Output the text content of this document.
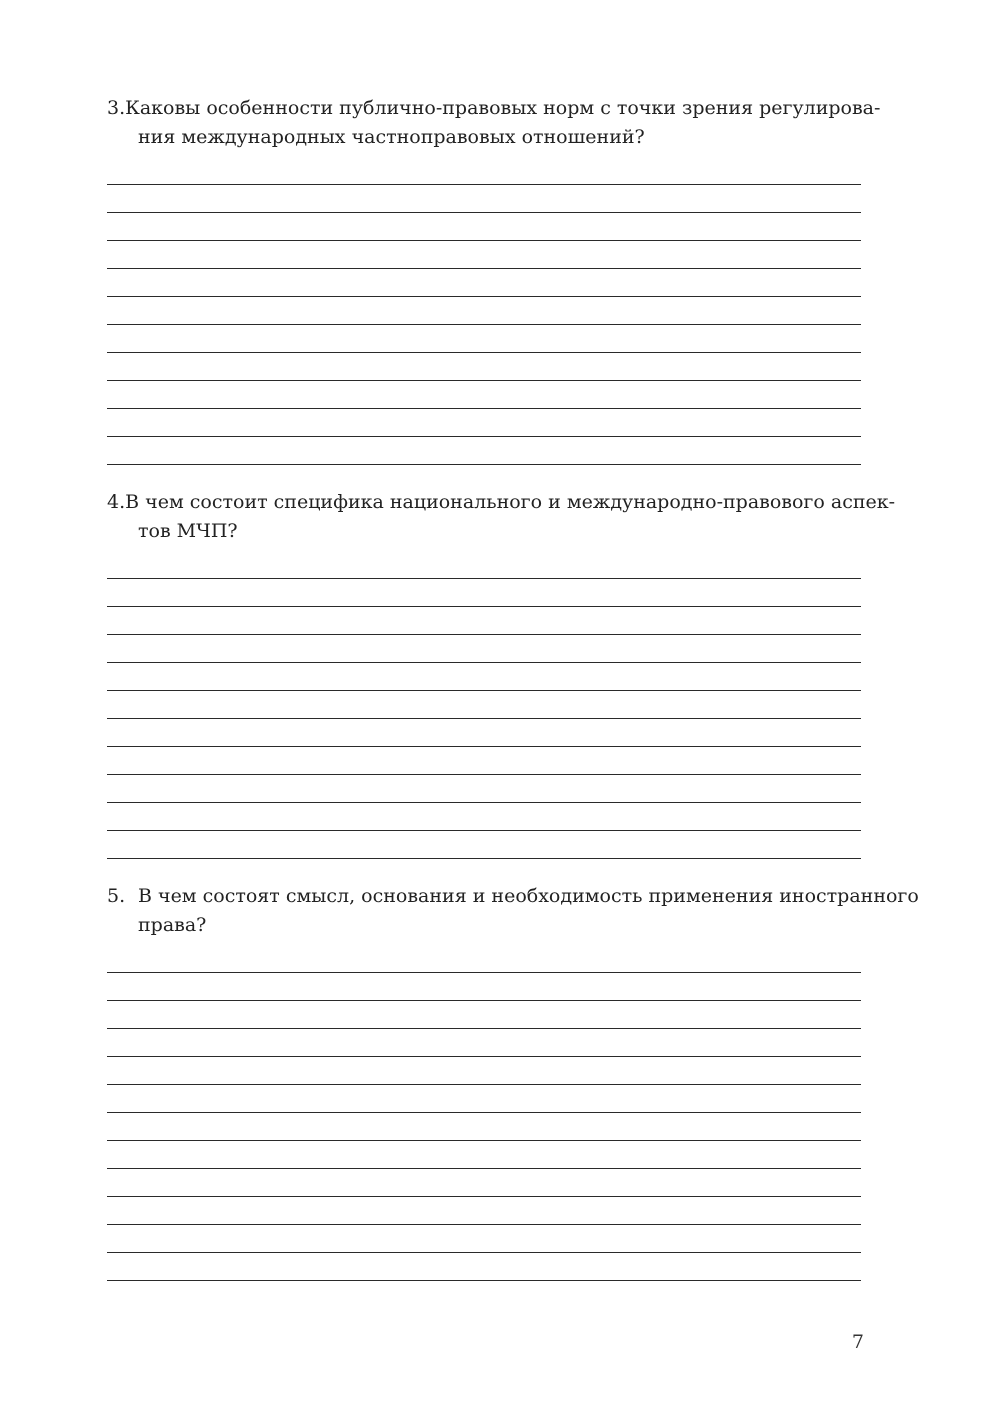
3. Каковы особенности публично-правовых норм с точки зрения регулирова-
ния международных частноправовых отношений?
4. В чем состоит специфика национального и международно-правового аспек-
тов МЧП?
5. В чем состоят смысл, основания и необходимость применения иностранного
права?
7
